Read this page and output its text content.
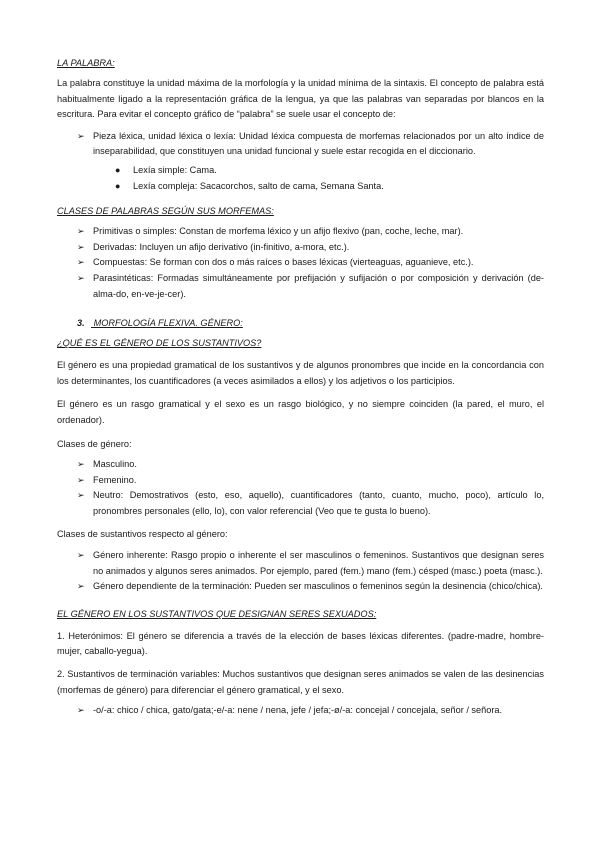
LA PALABRA:

La palabra constituye la unidad máxima de la morfología y la unidad mínima de la sintaxis. El concepto de palabra está habitualmente ligado a la representación gráfica de la lengua, ya que las palabras van separadas por blancos en la escritura. Para evitar el concepto gráfico de “palabra” se suele usar el concepto de:

➢ Pieza léxica, unidad léxica o lexía: Unidad léxica compuesta de morfemas relacionados por un alto índice de inseparabilidad, que constituyen una unidad funcional y suele estar recogida en el diccionario.
● Lexía simple: Cama.
● Lexía compleja: Sacacorchos, salto de cama, Semana Santa.

CLASES DE PALABRAS SEGÚN SUS MORFEMAS:

➢ Primitivas o simples: Constan de morfema léxico y un afijo flexivo (pan, coche, leche, mar).
➢ Derivadas: Incluyen un afijo derivativo (in-finitivo, a-mora, etc.).
➢ Compuestas: Se forman con dos o más raíces o bases léxicas (vierteaguas, aguanieve, etc.).
➢ Parasintéticas: Formadas simultáneamente por prefijación y sufijación o por composición y derivación (de-alma-do, en-ve-je-cer).

3. MORFOLOGÍA FLEXIVA. GÉNERO:

¿QUÉ ES EL GÉNERO DE LOS SUSTANTIVOS?

El género es una propiedad gramatical de los sustantivos y de algunos pronombres que incide en la concordancia con los determinantes, los cuantificadores (a veces asimilados a ellos) y los adjetivos o los participios.

El género es un rasgo gramatical y el sexo es un rasgo biológico, y no siempre coinciden (la pared, el muro, el ordenador).

Clases de género:

➢ Masculino.
➢ Femenino.
➢ Neutro: Demostrativos (esto, eso, aquello), cuantificadores (tanto, cuanto, mucho, poco), artículo lo, pronombres personales (ello, lo), con valor referencial (Veo que te gusta lo bueno).

Clases de sustantivos respecto al género:

➢ Género inherente: Rasgo propio o inherente el ser masculinos o femeninos. Sustantivos que designan seres no animados y algunos seres animados. Por ejemplo, pared (fem.) mano (fem.) césped (masc.) poeta (masc.).
➢ Género dependiente de la terminación: Pueden ser masculinos o femeninos según la desinencia (chico/chica).

EL GÉNERO EN LOS SUSTANTIVOS QUE DESIGNAN SERES SEXUADOS:

1. Heterónimos: El género se diferencia a través de la elección de bases léxicas diferentes. (padre-madre, hombre-mujer, caballo-yegua).

2. Sustantivos de terminación variables: Muchos sustantivos que designan seres animados se valen de las desinencias (morfemas de género) para diferenciar el género gramatical, y el sexo.

➢ -o/-a: chico / chica, gato/gata;-e/-a: nene / nena, jefe / jefa;-ø/-a: concejal / concejala, señor / señora.
